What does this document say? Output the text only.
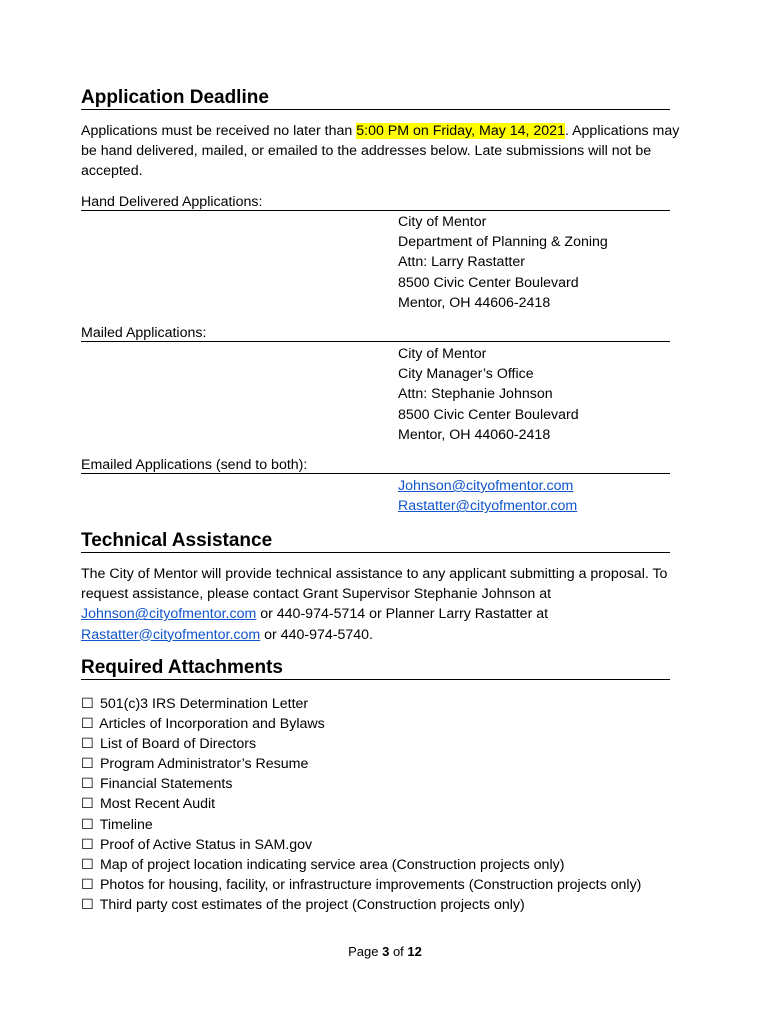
Application Deadline
Applications must be received no later than 5:00 PM on Friday, May 14, 2021. Applications may be hand delivered, mailed, or emailed to the addresses below. Late submissions will not be accepted.
Hand Delivered Applications:
City of Mentor
Department of Planning & Zoning
Attn: Larry Rastatter
8500 Civic Center Boulevard
Mentor, OH 44606-2418
Mailed Applications:
City of Mentor
City Manager’s Office
Attn: Stephanie Johnson
8500 Civic Center Boulevard
Mentor, OH 44060-2418
Emailed Applications (send to both):
Johnson@cityofmentor.com
Rastatter@cityofmentor.com
Technical Assistance
The City of Mentor will provide technical assistance to any applicant submitting a proposal. To request assistance, please contact Grant Supervisor Stephanie Johnson at Johnson@cityofmentor.com or 440-974-5714 or Planner Larry Rastatter at Rastatter@cityofmentor.com or 440-974-5740.
Required Attachments
☐ 501(c)3 IRS Determination Letter
☐ Articles of Incorporation and Bylaws
☐ List of Board of Directors
☐ Program Administrator’s Resume
☐ Financial Statements
☐ Most Recent Audit
☐ Timeline
☐ Proof of Active Status in SAM.gov
☐ Map of project location indicating service area (Construction projects only)
☐ Photos for housing, facility, or infrastructure improvements (Construction projects only)
☐ Third party cost estimates of the project (Construction projects only)
Page 3 of 12
